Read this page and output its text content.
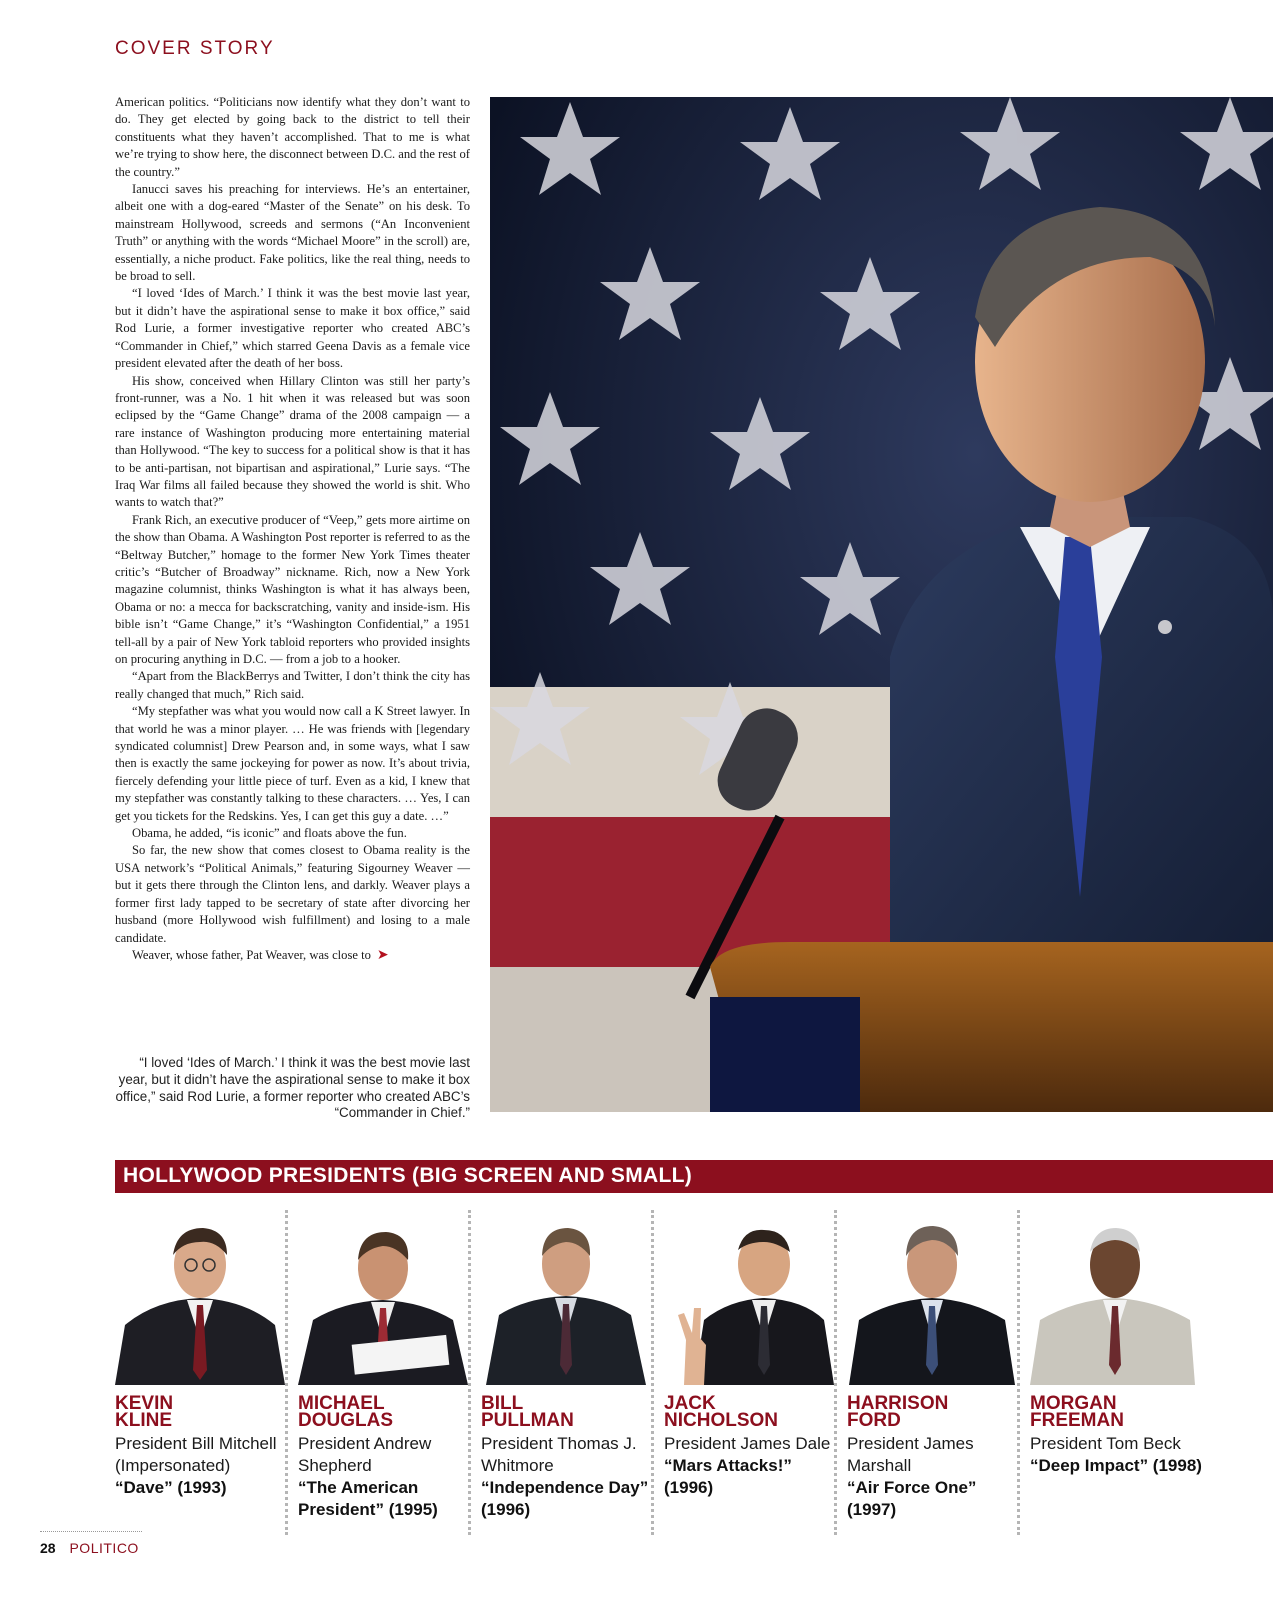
COVER STORY

American politics. “Politicians now identify what they don’t want to do. They get elected by going back to the district to tell their constituents what they haven’t accomplished. That to me is what we’re trying to show here, the disconnect between D.C. and the rest of the country.”

Ianucci saves his preaching for interviews. He’s an entertainer, albeit one with a dog-eared “Master of the Senate” on his desk. To mainstream Hollywood, screeds and sermons (“An Inconvenient Truth” or anything with the words “Michael Moore” in the scroll) are, essentially, a niche product. Fake politics, like the real thing, needs to be broad to sell.

“I loved ‘Ides of March.’ I think it was the best movie last year, but it didn’t have the aspirational sense to make it box office,” said Rod Lurie, a former investigative reporter who created ABC’s “Commander in Chief,” which starred Geena Davis as a female vice president elevated after the death of her boss.

His show, conceived when Hillary Clinton was still her party’s front-runner, was a No. 1 hit when it was released but was soon eclipsed by the “Game Change” drama of the 2008 campaign — a rare instance of Washington producing more entertaining material than Hollywood. “The key to success for a political show is that it has to be anti-partisan, not bipartisan and aspirational,” Lurie says. “The Iraq War films all failed because they showed the world is shit. Who wants to watch that?”

Frank Rich, an executive producer of “Veep,” gets more airtime on the show than Obama. A Washington Post reporter is referred to as the “Beltway Butcher,” homage to the former New York Times theater critic’s “Butcher of Broadway” nickname. Rich, now a New York magazine columnist, thinks Washington is what it has always been, Obama or no: a mecca for backscratching, vanity and inside-ism. His bible isn’t “Game Change,” it’s “Washington Confidential,” a 1951 tell-all by a pair of New York tabloid reporters who provided insights on procuring anything in D.C. — from a job to a hooker.

“Apart from the BlackBerrys and Twitter, I don’t think the city has really changed that much,” Rich said.

“My stepfather was what you would now call a K Street lawyer. In that world he was a minor player. … He was friends with [legendary syndicated columnist] Drew Pearson and, in some ways, what I saw then is exactly the same jockeying for power as now. It’s about trivia, fiercely defending your little piece of turf. Even as a kid, I knew that my stepfather was constantly talking to these characters. … Yes, I can get you tickets for the Redskins. Yes, I can get this guy a date. …”

Obama, he added, “is iconic” and floats above the fun.

So far, the new show that comes closest to Obama reality is the USA network’s “Political Animals,” featuring Sigourney Weaver — but it gets there through the Clinton lens, and darkly. Weaver plays a former first lady tapped to be secretary of state after divorcing her husband (more Hollywood wish fulfillment) and losing to a male candidate.

Weaver, whose father, Pat Weaver, was close to ➤

“I loved ‘Ides of March.’ I think it was the best movie last year, but it didn’t have the aspirational sense to make it box office,” said Rod Lurie, a former reporter who created ABC’s “Commander in Chief.”
HOLLYWOOD PRESIDENTS (BIG SCREEN AND SMALL)
KEVIN
KLINE
President Bill Mitchell (Impersonated)
“Dave” (1993)
MICHAEL
DOUGLAS
President Andrew Shepherd
“The American President” (1995)
BILL
PULLMAN
President Thomas J. Whitmore
“Independence Day” (1996)
JACK
NICHOLSON
President James Dale
“Mars Attacks!” (1996)
HARRISON
FORD
President James Marshall
“Air Force One” (1997)
MORGAN
FREEMAN
President Tom Beck
“Deep Impact” (1998)
28 POLITICO
